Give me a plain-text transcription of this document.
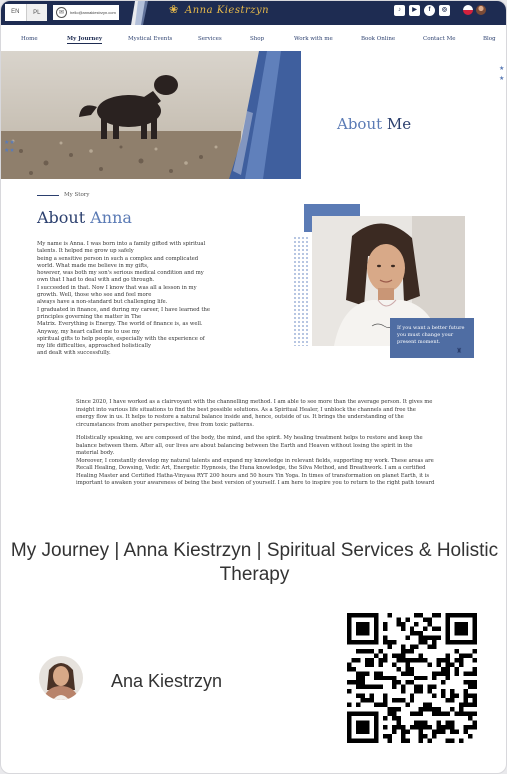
EN	PL	✉	hello@annakiestrzyn.com	❀ Anna Kiestrzyn	♪	▶	f	◎
Home	My Journey	Mystical Events	Services	Shop	Work with me	Book Online	Contact Me	Blog
★★
★★
★
★
About Me
My Story
About Anna
My name is Anna. I was born into a family gifted with spiritual
talents. It helped me grow up safely
being a sensitive person in such a complex and complicated
world. What made me believe in my gifts,
however, was both my son's serious medical condition and my
own that I had to deal with and go through.
I succeeded in that. Now I know that was all a lesson in my
growth. Well, those who see and feel more
always have a non-standard but challenging life.
I graduated in finance, and during my career, I have learned the
principles governing the matter in The
Matrix. Everything is Energy. The world of finance is, as well.
Anyway, my heart called me to use my
spiritual gifts to help people, especially with the experience of
my life difficulties, approached holistically
and dealt with successfully.
If you want a better future
you must change your
present moment.
♜

Since 2020, I have worked as a clairvoyant with the channelling method. I am able to see more than the average person. It gives me
insight into various life situations to find the best possible solutions. As a Spiritual Healer, I unblock the channels and free the
energy flow in us. It helps to restore a natural balance inside and, hence, outside of us. It brings the understanding of the
circumstances from another perspective, free from toxic patterns.

Holistically speaking, we are composed of the body, the mind, and the spirit. My healing treatment helps to restore and keep the
balance between them. After all, our lives are about balancing between the Earth and Heaven without losing the spirit in the
material body.
Moreover, I constantly develop my natural talents and expand my knowledge in relevant fields, supporting my work. These areas are
Recall Healing, Dowsing, Vedic Art, Energetic Hypnosis, the Huna knowledge, the Silva Method, and Breathwork. I am a certified
Healing Master and Certified Hatha-Vinyasa RYT 200 hours and 50 hours Yin Yoga. In times of transformation on planet Earth, it is
important to awaken your awareness of being the best version of yourself. I am here to inspire you to return to the right path toward

My Journey | Anna Kiestrzyn | Spiritual Services & Holistic Therapy
Ana Kiestrzyn
